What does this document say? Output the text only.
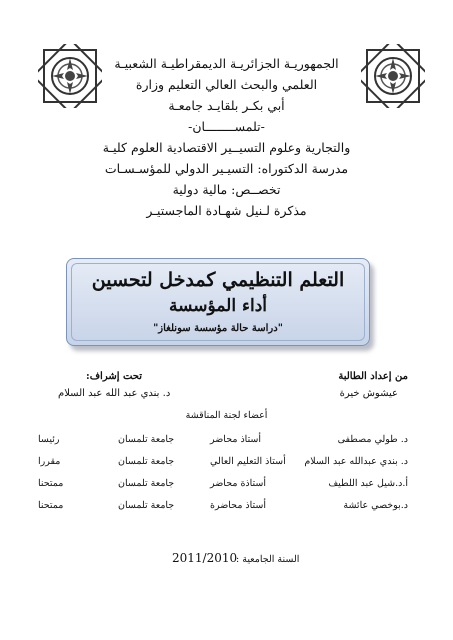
الجمهوريـة الجزائريـة الديمقراطيـة الشعبيـة
العلمي والبحث العالي التعليم وزارة
أبي بكـر بلقايـد جامعـة
-تلمســــــــان-
والتجارية وعلوم التسيــير الاقتصادية العلوم كليـة
مدرسة الدكتوراه: التسيـير الدولي للمؤسـسـات
تخصــص: مالية دولية
مذكرة لـنيل شهـادة الماجستيـر
التعلم التنظيمي كمدخل لتحسين
أداء المؤسسة
"دراسة حالة مؤسسة سونلغاز"
من إعداد الطالبة
عيشوش خيرة
تحت إشراف:
د. بندي عبد الله عبد السلام
أعضاء لجنة المناقشة
د. طولي مصطفى
أستاذ محاضر
جامعة تلمسان
رئيسا
د. بندي عبدالله عبد السلام
أستاذ التعليم العالي
جامعة تلمسان
مقررا
أ.د.شيل عبد اللطيف
أستاذة محاضر
جامعة تلمسان
ممتحنا
د.بوخصي عائشة
أستاذ محاضرة
جامعة تلمسان
ممتحنا
السنة الجامعية :
2011/2010
